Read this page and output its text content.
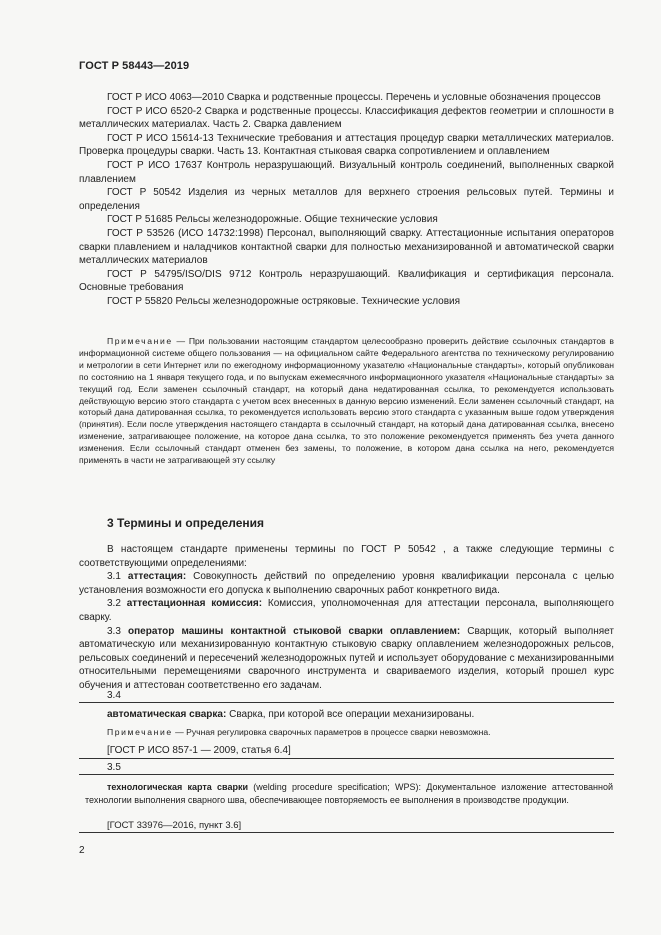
ГОСТ Р 58443—2019

ГОСТ Р ИСО 4063—2010 Сварка и родственные процессы. Перечень и условные обозначения процессов

ГОСТ Р ИСО 6520-2 Сварка и родственные процессы. Классификация дефектов геометрии и сплошности в металлических материалах. Часть 2. Сварка давлением

ГОСТ Р ИСО 15614-13 Технические требования и аттестация процедур сварки металлических материалов. Проверка процедуры сварки. Часть 13. Контактная стыковая сварка сопротивлением и оплавлением

ГОСТ Р ИСО 17637 Контроль неразрушающий. Визуальный контроль соединений, выполненных сваркой плавлением

ГОСТ Р 50542 Изделия из черных металлов для верхнего строения рельсовых путей. Термины и определения

ГОСТ Р 51685 Рельсы железнодорожные. Общие технические условия

ГОСТ Р 53526 (ИСО 14732:1998) Персонал, выполняющий сварку. Аттестационные испытания операторов сварки плавлением и наладчиков контактной сварки для полностью механизированной и автоматической сварки металлических материалов

ГОСТ Р 54795/ISO/DIS 9712 Контроль неразрушающий. Квалификация и сертификация персонала. Основные требования

ГОСТ Р 55820 Рельсы железнодорожные остряковые. Технические условия

Примечание — При пользовании настоящим стандартом целесообразно проверить действие ссылочных стандартов в информационной системе общего пользования — на официальном сайте Федерального агентства по техническому регулированию и метрологии в сети Интернет или по ежегодному информационному указателю «Национальные стандарты», который опубликован по состоянию на 1 января текущего года, и по выпускам ежемесячного информационного указателя «Национальные стандарты» за текущий год. Если заменен ссылочный стандарт, на который дана недатированная ссылка, то рекомендуется использовать действующую версию этого стандарта с учетом всех внесенных в данную версию изменений. Если заменен ссылочный стандарт, на который дана датированная ссылка, то рекомендуется использовать версию этого стандарта с указанным выше годом утверждения (принятия). Если после утверждения настоящего стандарта в ссылочный стандарт, на который дана датированная ссылка, внесено изменение, затрагивающее положение, на которое дана ссылка, то это положение рекомендуется применять без учета данного изменения. Если ссылочный стандарт отменен без замены, то положение, в котором дана ссылка на него, рекомендуется применять в части не затрагивающей эту ссылку

3 Термины и определения

В настоящем стандарте применены термины по ГОСТ Р 50542 , а также следующие термины с соответствующими определениями:

3.1 аттестация: Совокупность действий по определению уровня квалификации персонала с целью установления возможности его допуска к выполнению сварочных работ конкретного вида.

3.2 аттестационная комиссия: Комиссия, уполномоченная для аттестации персонала, выполняющего сварку.

3.3 оператор машины контактной стыковой сварки оплавлением: Сварщик, который выполняет автоматическую или механизированную контактную стыковую сварку оплавлением железнодорожных рельсов, рельсовых соединений и пересечений железнодорожных путей и использует оборудование с механизированными относительными перемещениями сварочного инструмента и свариваемого изделия, который прошел курс обучения и аттестован соответственно его задачам.

3.4
автоматическая сварка: Сварка, при которой все операции механизированы.
Примечание — Ручная регулировка сварочных параметров в процессе сварки невозможна.
[ГОСТ Р ИСО 857-1 — 2009, статья 6.4]
3.5

технологическая карта сварки (welding procedure specification; WPS): Документальное изложение аттестованной технологии выполнения сварного шва, обеспечивающее повторяемость ее выполнения в производстве продукции.

[ГОСТ 33976—2016, пункт 3.6]
2
